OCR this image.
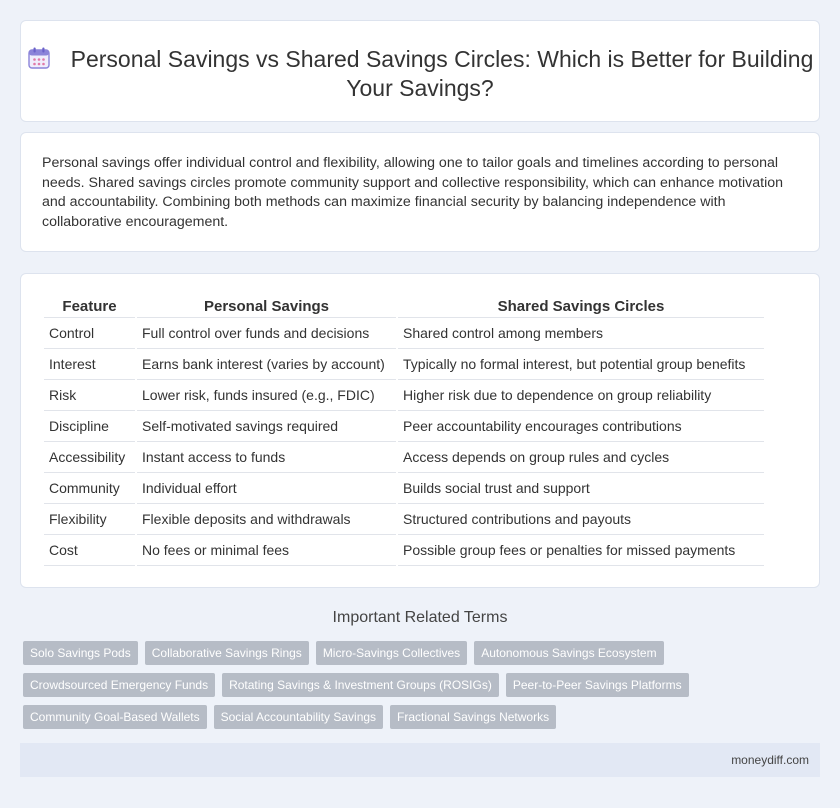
Personal Savings vs Shared Savings Circles: Which is Better for Building Your Savings?

Personal savings offer individual control and flexibility, allowing one to tailor goals and timelines according to personal needs. Shared savings circles promote community support and collective responsibility, which can enhance motivation and accountability. Combining both methods can maximize financial security by balancing independence with collaborative encouragement.

Feature	Personal Savings	Shared Savings Circles
Control	Full control over funds and decisions	Shared control among members
Interest	Earns bank interest (varies by account)	Typically no formal interest, but potential group benefits
Risk	Lower risk, funds insured (e.g., FDIC)	Higher risk due to dependence on group reliability
Discipline	Self-motivated savings required	Peer accountability encourages contributions
Accessibility	Instant access to funds	Access depends on group rules and cycles
Community	Individual effort	Builds social trust and support
Flexibility	Flexible deposits and withdrawals	Structured contributions and payouts
Cost	No fees or minimal fees	Possible group fees or penalties for missed payments
Important Related Terms
Solo Savings Pods	Collaborative Savings Rings	Micro-Savings Collectives	Autonomous Savings Ecosystem
Crowdsourced Emergency Funds	Rotating Savings & Investment Groups (ROSIGs)	Peer-to-Peer Savings Platforms
Community Goal-Based Wallets	Social Accountability Savings	Fractional Savings Networks
moneydiff.com
